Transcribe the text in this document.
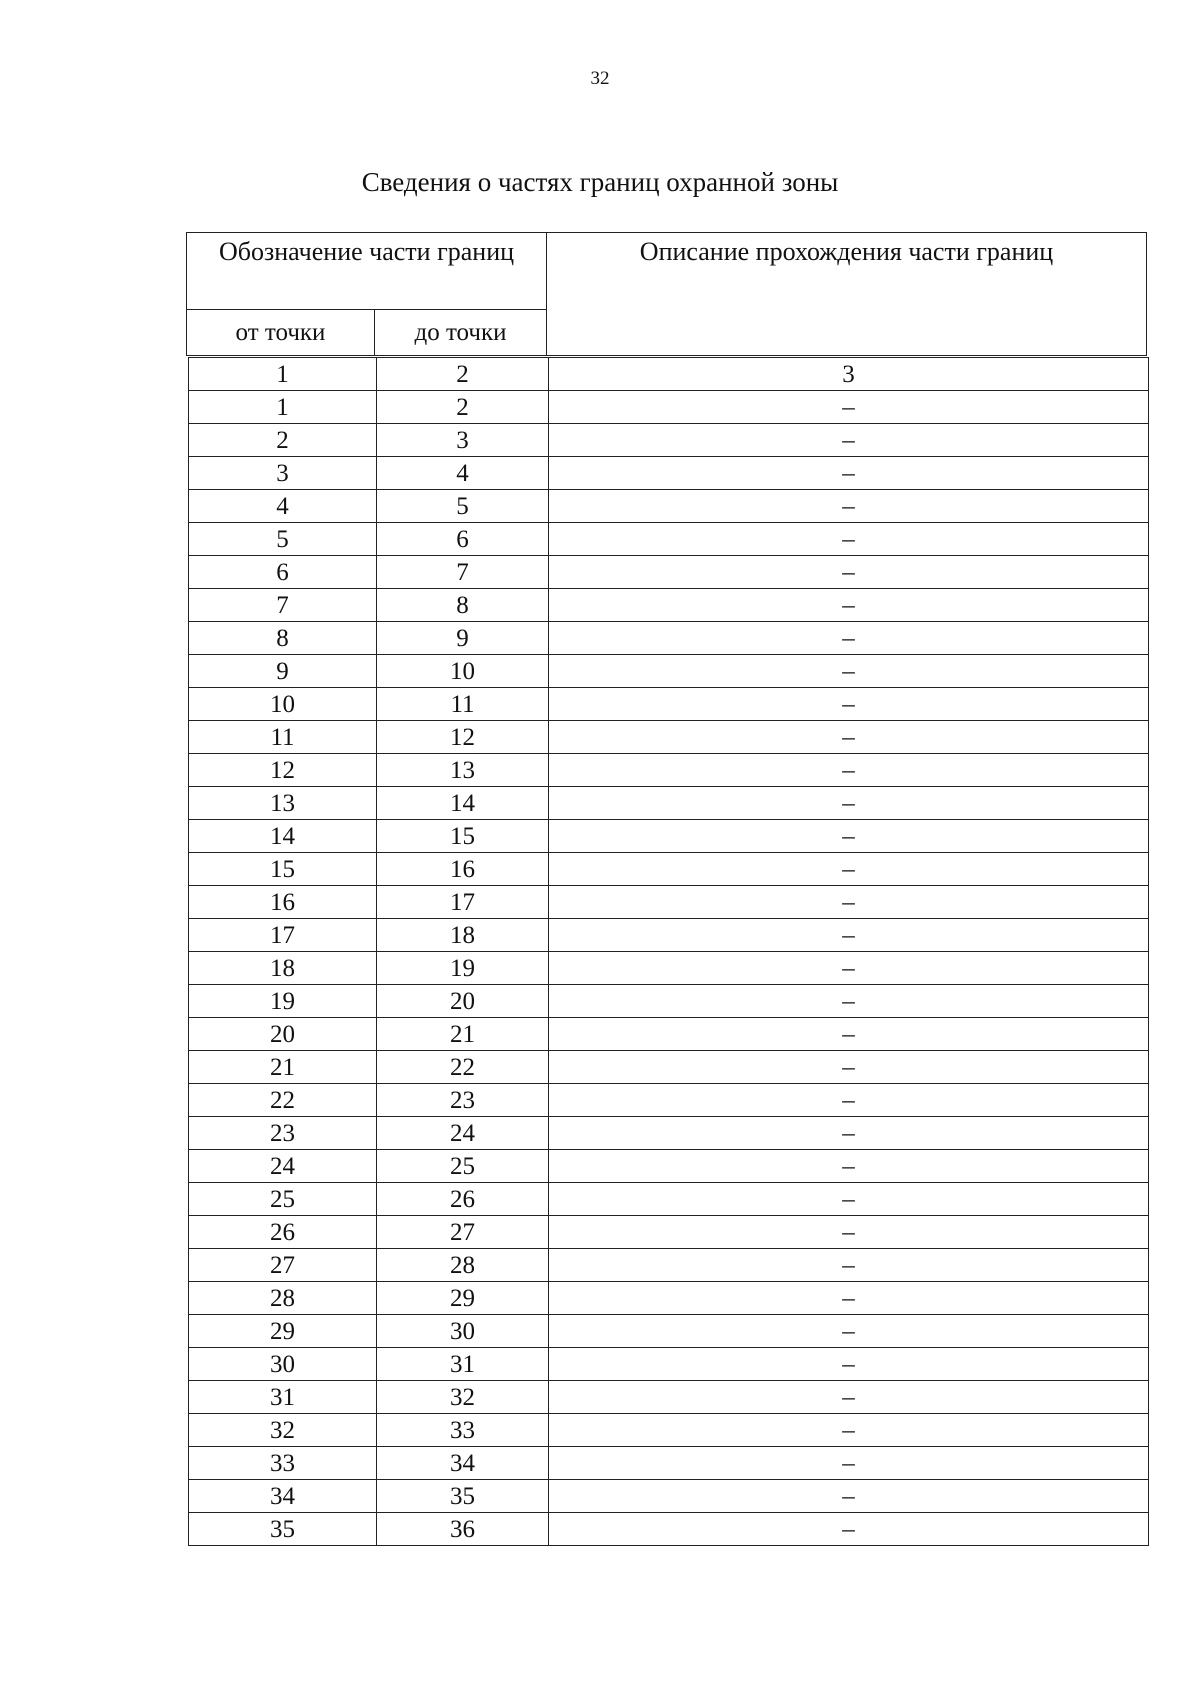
32
Сведения о частях границ охранной зоны
Обозначение части границ		Описание прохождения части границ
от точки	до точки	
1	2	3
1	2	–
2	3	–
3	4	–
4	5	–
5	6	–
6	7	–
7	8	–
8	9	–
9	10	–
10	11	–
11	12	–
12	13	–
13	14	–
14	15	–
15	16	–
16	17	–
17	18	–
18	19	–
19	20	–
20	21	–
21	22	–
22	23	–
23	24	–
24	25	–
25	26	–
26	27	–
27	28	–
28	29	–
29	30	–
30	31	–
31	32	–
32	33	–
33	34	–
34	35	–
35	36	–
